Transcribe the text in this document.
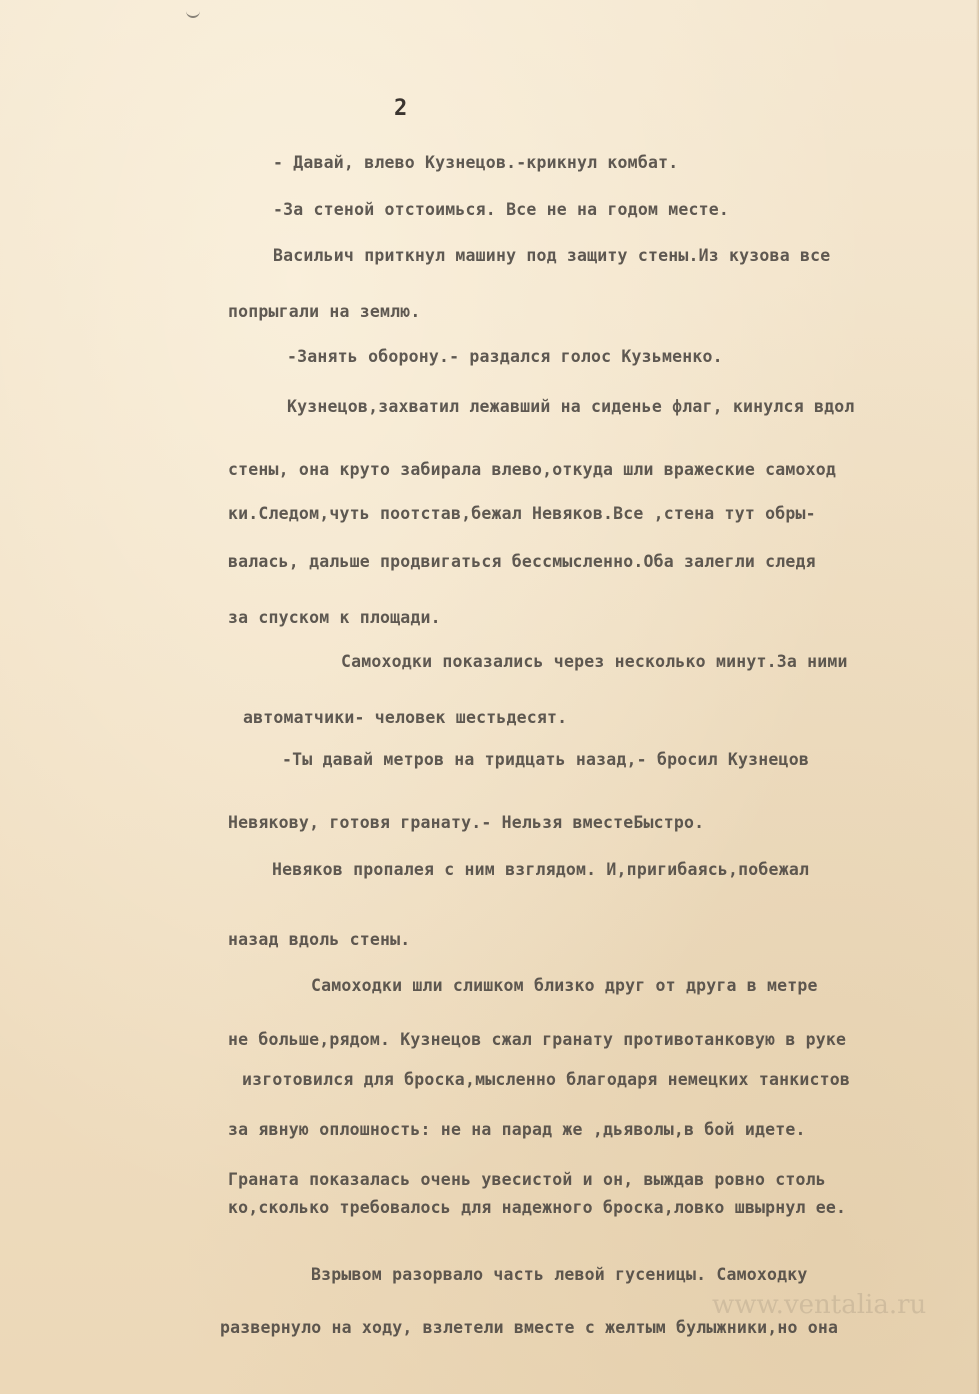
2
- Давай, влево Кузнецов.-крикнул комбат.
-За стеной отстоимься. Все не на годом месте.
Васильич приткнул машину под защиту стены.Из кузова все
попрыгали на землю.
-Занять оборону.- раздался голос Кузьменко.
Кузнецов,захватил лежавший на сиденье флаг, кинулся вдол
стены, она круто забирала влево,откуда шли вражеские самоход
ки.Следом,чуть поотстав,бежал Невяков.Все ,стена тут обры-
валась, дальше продвигаться бессмысленно.Оба залегли следя
за спуском к площади.
Самоходки показались через несколько минут.За ними
автоматчики- человек шестьдесят.
-Ты давай метров на тридцать назад,- бросил Кузнецов
Невякову, готовя гранату.- Нельзя вместеБыстро.
Невяков пропалея с ним взглядом. И,пригибаясь,побежал
назад вдоль стены.
Самоходки шли слишком близко друг от друга в метре
не больше,рядом. Кузнецов сжал гранату противотанковую в руке
изготовился для броска,мысленно благодаря немецких танкистов
за явную оплошность: не на парад же ,дьяволы,в бой идете.
Граната показалась очень увесистой и он, выждав ровно столь
ко,сколько требовалось для надежного броска,ловко швырнул ее.
Взрывом разорвало часть левой гусеницы. Самоходку
развернуло на ходу, взлетели вместе с желтым булыжники,но она
www.ventalia.ru
